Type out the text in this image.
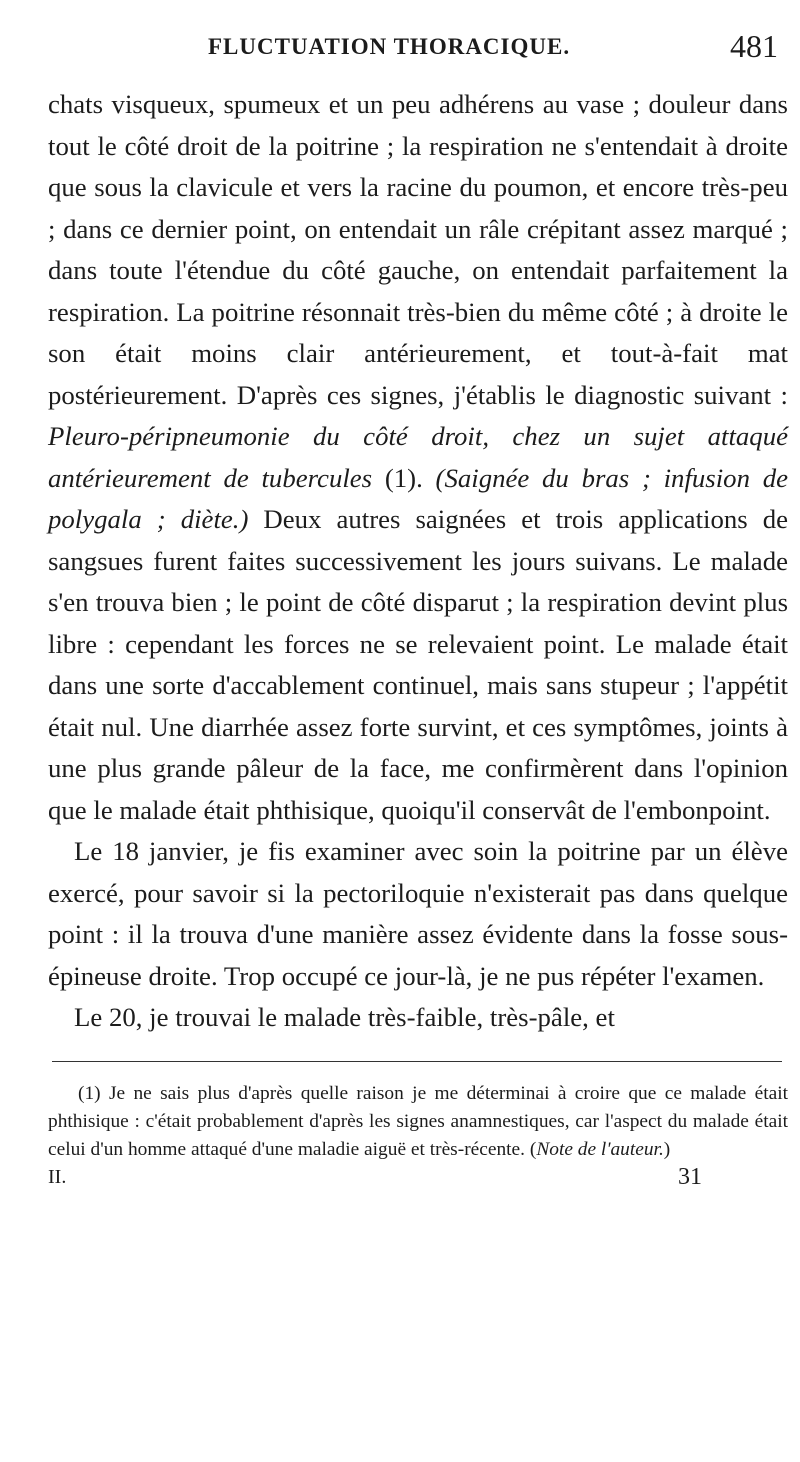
FLUCTUATION THORACIQUE.	481

chats visqueux, spumeux et un peu adhérens au vase ; douleur dans tout le côté droit de la poitrine ; la respiration ne s'entendait à droite que sous la clavicule et vers la racine du poumon, et encore très-peu ; dans ce dernier point, on entendait un râle crépitant assez marqué ; dans toute l'étendue du côté gauche, on entendait parfaitement la respiration. La poitrine résonnait très-bien du même côté ; à droite le son était moins clair antérieurement, et tout-à-fait mat postérieurement. D'après ces signes, j'établis le diagnostic suivant : Pleuro-péripneumonie du côté droit, chez un sujet attaqué antérieurement de tubercules (1). (Saignée du bras ; infusion de polygala ; diète.) Deux autres saignées et trois applications de sangsues furent faites successivement les jours suivans. Le malade s'en trouva bien ; le point de côté disparut ; la respiration devint plus libre : cependant les forces ne se relevaient point. Le malade était dans une sorte d'accablement continuel, mais sans stupeur ; l'appétit était nul. Une diarrhée assez forte survint, et ces symptômes, joints à une plus grande pâleur de la face, me confirmèrent dans l'opinion que le malade était phthisique, quoiqu'il conservât de l'embonpoint.

Le 18 janvier, je fis examiner avec soin la poitrine par un élève exercé, pour savoir si la pectoriloquie n'existerait pas dans quelque point : il la trouva d'une manière assez évidente dans la fosse sous-épineuse droite. Trop occupé ce jour-là, je ne pus répéter l'examen.

Le 20, je trouvai le malade très-faible, très-pâle, et

(1) Je ne sais plus d'après quelle raison je me déterminai à croire que ce malade était phthisique : c'était probablement d'après les signes anamnestiques, car l'aspect du malade était celui d'un homme attaqué d'une maladie aiguë et très-récente. (Note de l'auteur.)
II.	31
